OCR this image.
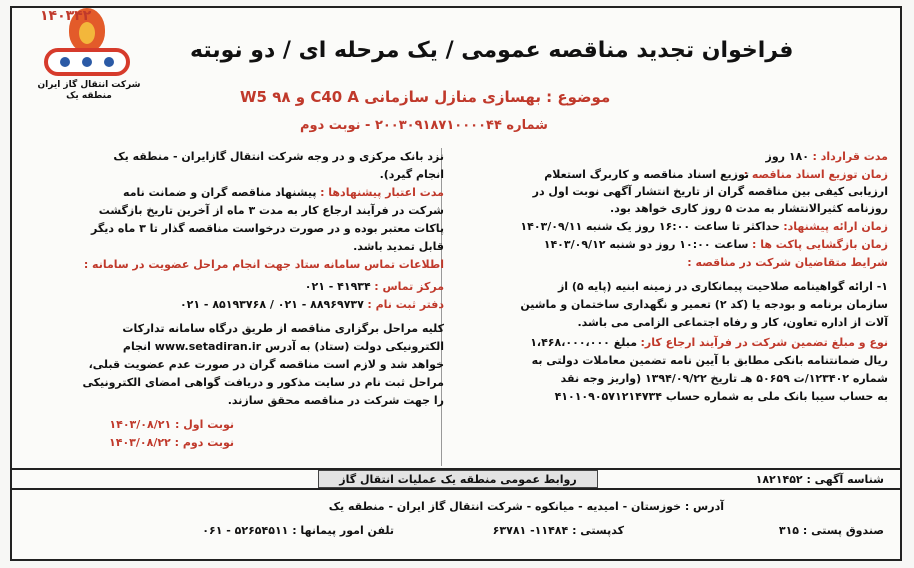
شرکت انتقال گاز ایران
منطقه یک
۱۴۰۳۴۲
فراخوان تجدید مناقصه عمومی / یک مرحله ای / دو نوبته
موضوع : بهسازی منازل سازمانی C40 A و ۹۸ W5
شماره ۲۰۰۳۰۹۱۸۷۱۰۰۰۰۴۴ - نوبت دوم
مدت قرارداد : ۱۸۰ روز
زمان توزیع اسناد مناقصه :
توزیع اسناد مناقصه و کاربرگ استعلام
ارزیابی کیفی بین مناقصه گران از تاریخ انتشار آگهی نوبت اول در
روزنامه کثیرالانتشار به مدت ۵ روز کاری خواهد بود.
زمان ارائه پیشنهاد: حداکثر تا ساعت ۱۶:۰۰ روز یک شنبه ۱۴۰۳/۰۹/۱۱
زمان بازگشایی پاکت ها : ساعت ۱۰:۰۰ روز دو شنبه ۱۴۰۳/۰۹/۱۲
شرایط متقاضیان شرکت در مناقصه :
۱- ارائه گواهینامه صلاحیت پیمانکاری در زمینه ابنیه (پایه ۵) از
سازمان برنامه و بودجه یا (کد ۲) تعمیر و نگهداری ساختمان و ماشین
آلات از اداره تعاون، کار و رفاه اجتماعی الزامی می باشد.
نوع و مبلغ تضمین شرکت در فرآیند ارجاع کار: مبلغ ۱،۴۶۸،۰۰۰،۰۰۰
ریال ضمانتنامه بانکی مطابق با آیین نامه تضمین معاملات دولتی به
شماره ۱۲۳۴۰۲/ت ۵۰۶۵۹ هـ تاریخ ۱۳۹۴/۰۹/۲۲ (واریز وجه نقد
به حساب سیبا بانک ملی به شماره حساب ۴۱۰۱۰۹۰۵۷۱۲۱۴۷۳۴
نزد بانک مرکزی و در وجه شرکت انتقال گازایران - منطقه یک
انجام گیرد).
مدت اعتبار پیشنهادها : پیشنهاد مناقصه گران و ضمانت نامه
شرکت در فرآیند ارجاع کار به مدت ۳ ماه از آخرین تاریخ بازگشت
پاکات معتبر بوده و در صورت درخواست مناقصه گذار تا ۳ ماه دیگر
قابل تمدید باشد.
اطلاعات تماس سامانه ستاد جهت انجام مراحل عضویت در سامانه :
مرکز تماس : ۴۱۹۳۴ - ۰۲۱
دفتر ثبت نام : ۸۸۹۶۹۷۳۷ - ۰۲۱ / ۸۵۱۹۳۷۶۸ - ۰۲۱
کلیه مراحل برگزاری مناقصه از طریق درگاه سامانه تدارکات
الکترونیکی دولت (ستاد) به آدرس www.setadiran.ir انجام
خواهد شد و لازم است مناقصه گران در صورت عدم عضویت قبلی،
مراحل ثبت نام در سایت مذکور و دریافت گواهی امضای الکترونیکی
را جهت شرکت در مناقصه محقق سازند.
نوبت اول : ۱۴۰۳/۰۸/۲۱
نوبت دوم : ۱۴۰۳/۰۸/۲۲
شناسه آگهی : ۱۸۲۱۴۵۲
روابط عمومی منطقه یک عملیات انتقال گاز
آدرس : خوزستان - امیدیه - میانکوه - شرکت انتقال گاز ایران - منطقه یک
صندوق پستی : ۳۱۵
کدپستی : ۱۱۴۸۴- ۶۳۷۸۱
تلفن امور پیمانها : ۵۲۶۵۴۵۱۱ - ۰۶۱
